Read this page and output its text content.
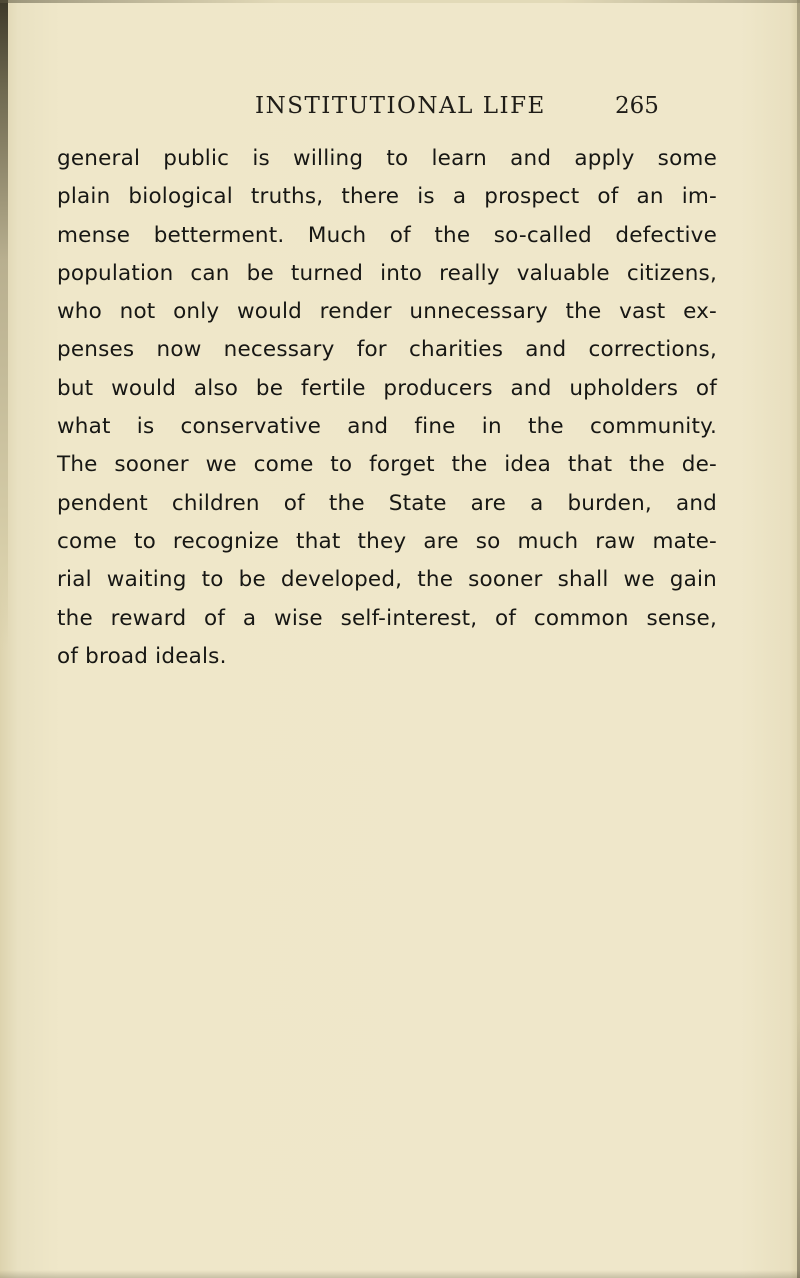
INSTITUTIONAL LIFE	265
general public is willing to learn and apply some
plain biological truths, there is a prospect of an im-
mense betterment. Much of the so-called defective
population can be turned into really valuable citizens,
who not only would render unnecessary the vast ex-
penses now necessary for charities and corrections,
but would also be fertile producers and upholders of
what is conservative and fine in the community.
The sooner we come to forget the idea that the de-
pendent children of the State are a burden, and
come to recognize that they are so much raw mate-
rial waiting to be developed, the sooner shall we gain
the reward of a wise self-interest, of common sense,
of broad ideals.
